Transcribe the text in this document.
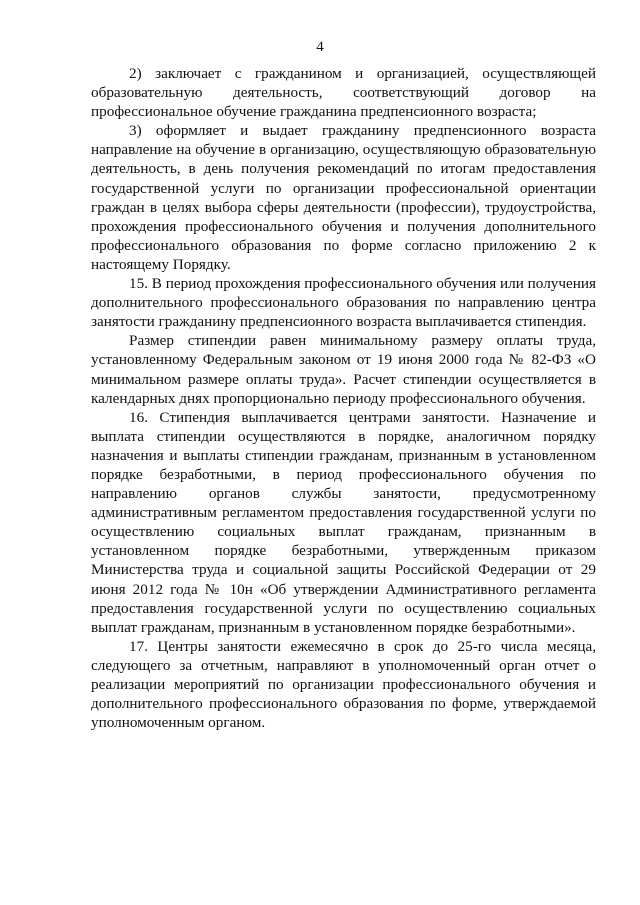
4

2) заключает с гражданином и организацией, осуществляющей образовательную деятельность, соответствующий договор на профессиональное обучение гражданина предпенсионного возраста;

3) оформляет и выдает гражданину предпенсионного возраста направление на обучение в организацию, осуществляющую образовательную деятельность, в день получения рекомендаций по итогам предоставления государственной услуги по организации профессиональной ориентации граждан в целях выбора сферы деятельности (профессии), трудоустройства, прохождения профессионального обучения и получения дополнительного профессионального образования по форме согласно приложению 2 к настоящему Порядку.

15. В период прохождения профессионального обучения или получения дополнительного профессионального образования по направлению центра занятости гражданину предпенсионного возраста выплачивается стипендия.

Размер стипендии равен минимальному размеру оплаты труда, установленному Федеральным законом от 19 июня 2000 года № 82-ФЗ «О минимальном размере оплаты труда». Расчет стипендии осуществляется в календарных днях пропорционально периоду профессионального обучения.

16. Стипендия выплачивается центрами занятости. Назначение и выплата стипендии осуществляются в порядке, аналогичном порядку назначения и выплаты стипендии гражданам, признанным в установленном порядке безработными, в период профессионального обучения по направлению органов службы занятости, предусмотренному административным регламентом предоставления государственной услуги по осуществлению социальных выплат гражданам, признанным в установленном порядке безработными, утвержденным приказом Министерства труда и социальной защиты Российской Федерации от 29 июня 2012 года № 10н «Об утверждении Административного регламента предоставления государственной услуги по осуществлению социальных выплат гражданам, признанным в установленном порядке безработными».

17. Центры занятости ежемесячно в срок до 25-го числа месяца, следующего за отчетным, направляют в уполномоченный орган отчет о реализации мероприятий по организации профессионального обучения и дополнительного профессионального образования по форме, утверждаемой уполномоченным органом.
